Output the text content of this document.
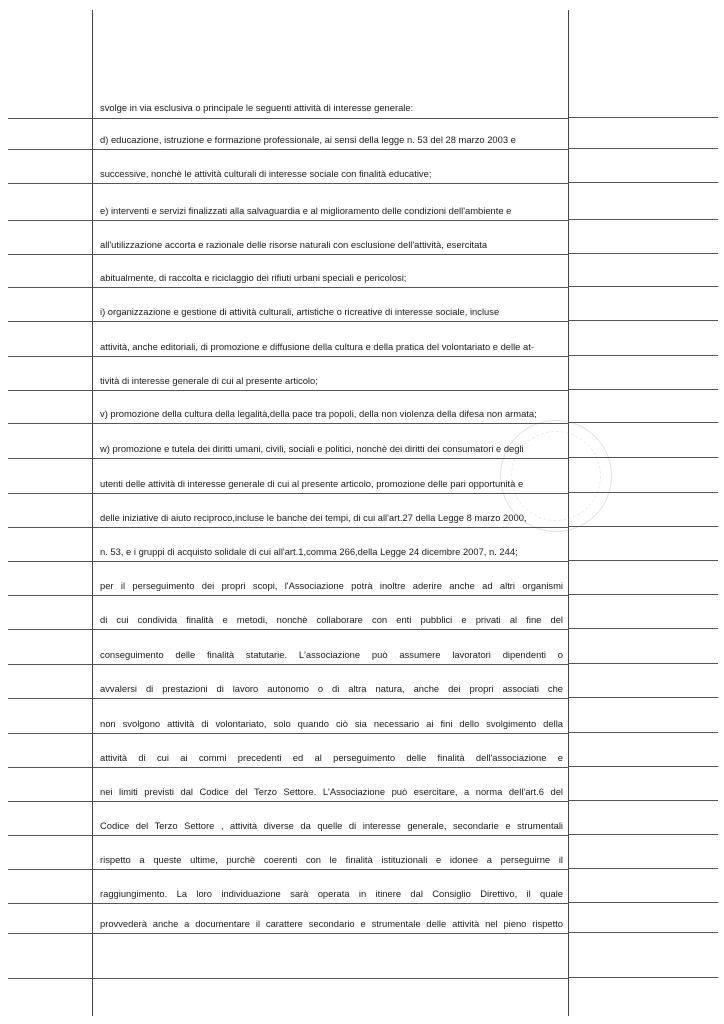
svolge in via esclusiva o principale le seguenti attività di interesse generale:
d) educazione, istruzione e formazione professionale, ai sensi della legge n. 53 del 28 marzo 2003 e
successive, nonchè le attività culturali di interesse sociale con finalità educative;
e) interventi e servizi finalizzati alla salvaguardia e al miglioramento delle condizioni dell'ambiente e
all'utilizzazione accorta e razionale delle risorse naturali con esclusione dell'attività, esercitata
abitualmente, di raccolta e riciclaggio dei rifiuti urbani speciali e pericolosi;
i) organizzazione e gestione di attività culturali, artistiche o ricreative di interesse sociale, incluse
attività, anche editoriali, di promozione e diffusione della cultura e della pratica del volontariato e delle at-
tività di interesse generale di cui al presente articolo;
v) promozione della cultura della legalità,della pace tra popoli, della non violenza della difesa non armata;
w) promozione e tutela dei diritti umani, civili, sociali e politici, nonchè dei diritti dei consumatori e degli
utenti delle attività di interesse generale di cui al presente articolo, promozione delle pari opportunità e
delle iniziative di aiuto reciproco,incluse le banche dei tempi, di cui all'art.27 della Legge 8 marzo 2000,
n. 53, e i gruppi di acquisto solidale di cui all'art.1,comma 266,della Legge 24 dicembre 2007, n. 244;
per il perseguimento dei propri scopi, l'Associazione potrà inoltre aderire anche ad altri organismi
di cui condivida finalità e metodi, nonchè collaborare con enti pubblici e privati al fine del
conseguimento delle finalità statutarie. L'associazione può assumere lavoratori dipendenti o
avvalersi di prestazioni di lavoro autonomo o di altra natura, anche dei propri associati che
non svolgono attività di volontariato, solo quando ciò sia necessario ai fini dello svolgimento della
attività di cui ai commi precedenti ed al perseguimento delle finalità dell'associazione e
nei limiti previsti dal Codice del Terzo Settore. L'Associazione può esercitare, a norma dell'art.6 del
Codice del Terzo Settore , attività diverse da quelle di interesse generale, secondarie e strumentali
rispetto a queste ultime, purchè coerenti con le finalità istituzionali e idonee a perseguirne il
raggiungimento. La loro individuazione sarà operata in itinere dal Consiglio Direttivo, il quale
provvederà anche a documentare il carattere secondario e strumentale delle attività nel pieno rispetto
